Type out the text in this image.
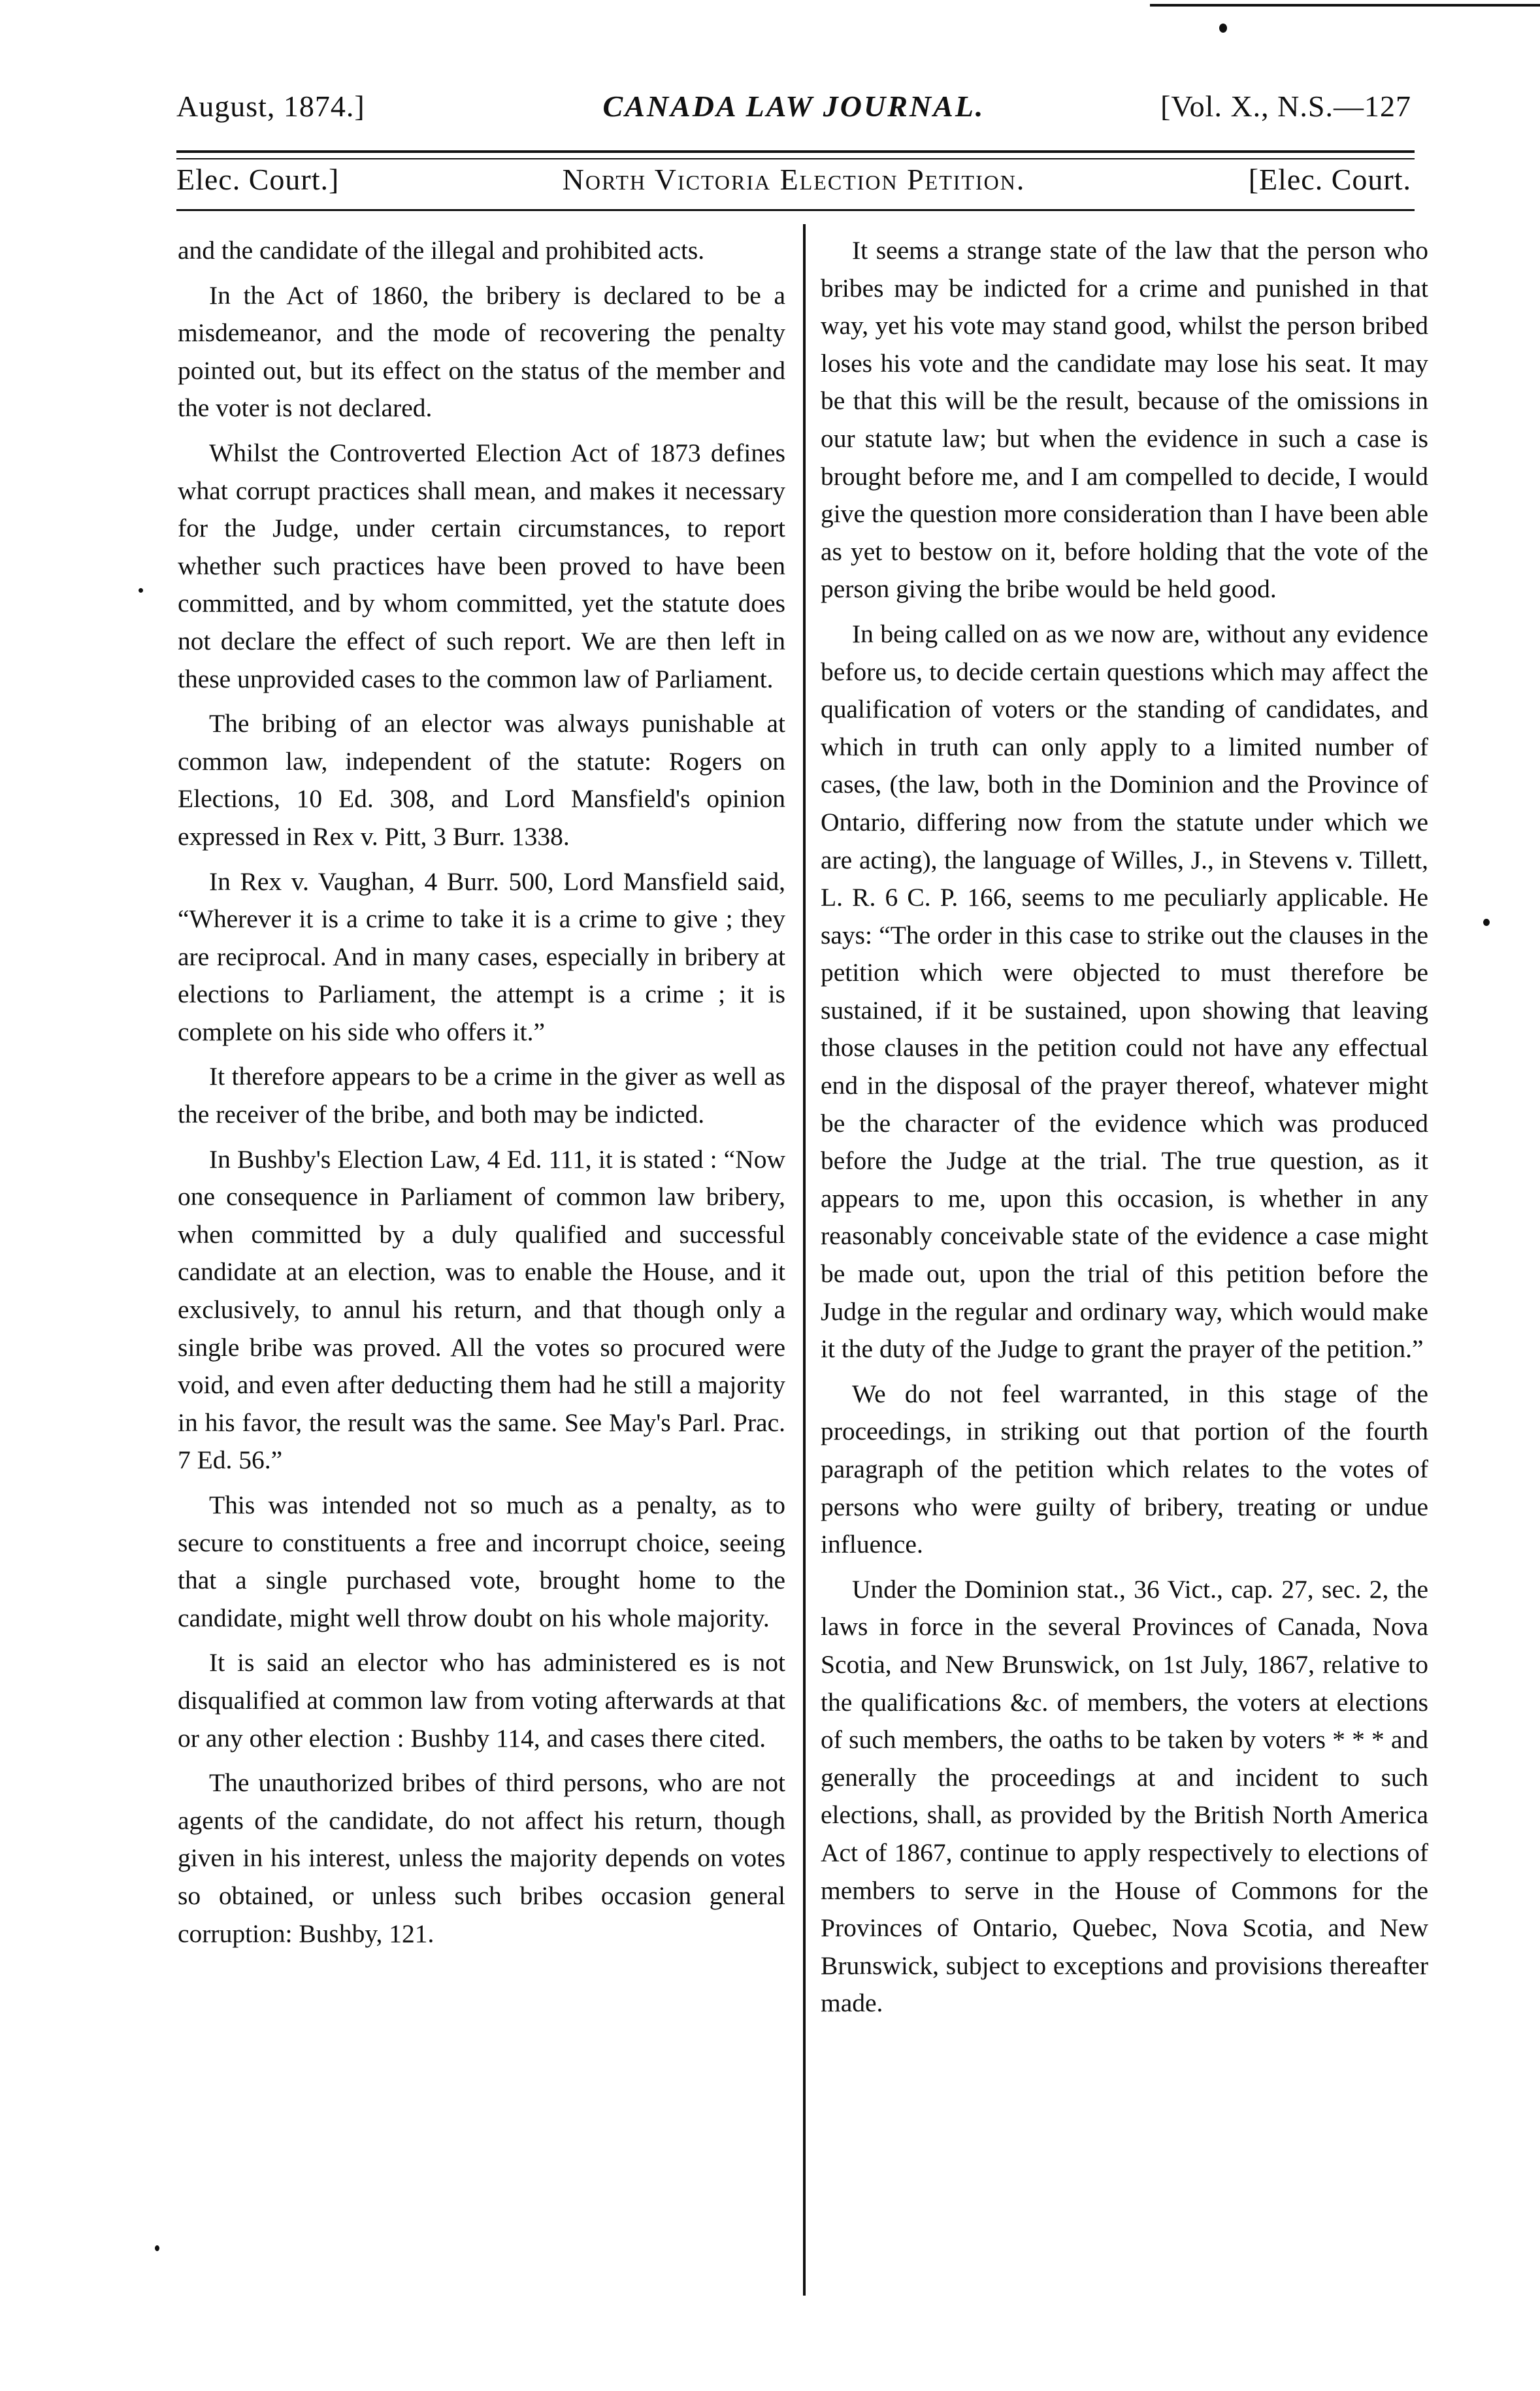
August, 1874.]	CANADA LAW JOURNAL.	[Vol. X., N.S.—127
Elec. Court.]	North Victoria Election Petition.	[Elec. Court.

and the candidate of the illegal and prohibited acts.

In the Act of 1860, the bribery is declared to be a misdemeanor, and the mode of recovering the penalty pointed out, but its effect on the status of the member and the voter is not declared.

Whilst the Controverted Election Act of 1873 defines what corrupt practices shall mean, and makes it necessary for the Judge, under certain circumstances, to report whether such practices have been proved to have been committed, and by whom committed, yet the statute does not declare the effect of such report. We are then left in these unprovided cases to the common law of Parliament.

The bribing of an elector was always punishable at common law, independent of the statute: Rogers on Elections, 10 Ed. 308, and Lord Mansfield's opinion expressed in Rex v. Pitt, 3 Burr. 1338.

In Rex v. Vaughan, 4 Burr. 500, Lord Mansfield said, “Wherever it is a crime to take it is a crime to give ; they are reciprocal. And in many cases, especially in bribery at elections to Parliament, the attempt is a crime ; it is complete on his side who offers it.”

It therefore appears to be a crime in the giver as well as the receiver of the bribe, and both may be indicted.

In Bushby's Election Law, 4 Ed. 111, it is stated : “Now one consequence in Parliament of common law bribery, when committed by a duly qualified and successful candidate at an election, was to enable the House, and it exclusively, to annul his return, and that though only a single bribe was proved. All the votes so procured were void, and even after deducting them had he still a majority in his favor, the result was the same. See May's Parl. Prac. 7 Ed. 56.”

This was intended not so much as a penalty, as to secure to constituents a free and incorrupt choice, seeing that a single purchased vote, brought home to the candidate, might well throw doubt on his whole majority.

It is said an elector who has administered es is not disqualified at common law from voting afterwards at that or any other election : Bushby 114, and cases there cited.

The unauthorized bribes of third persons, who are not agents of the candidate, do not affect his return, though given in his interest, unless the majority depends on votes so obtained, or unless such bribes occasion general corruption: Bushby, 121.

It seems a strange state of the law that the person who bribes may be indicted for a crime and punished in that way, yet his vote may stand good, whilst the person bribed loses his vote and the candidate may lose his seat. It may be that this will be the result, because of the omissions in our statute law; but when the evidence in such a case is brought before me, and I am compelled to decide, I would give the question more consideration than I have been able as yet to bestow on it, before holding that the vote of the person giving the bribe would be held good.

In being called on as we now are, without any evidence before us, to decide certain questions which may affect the qualification of voters or the standing of candidates, and which in truth can only apply to a limited number of cases, (the law, both in the Dominion and the Province of Ontario, differing now from the statute under which we are acting), the language of Willes, J., in Stevens v. Tillett, L. R. 6 C. P. 166, seems to me peculiarly applicable. He says: “The order in this case to strike out the clauses in the petition which were objected to must therefore be sustained, if it be sustained, upon showing that leaving those clauses in the petition could not have any effectual end in the disposal of the prayer thereof, whatever might be the character of the evidence which was produced before the Judge at the trial. The true question, as it appears to me, upon this occasion, is whether in any reasonably conceivable state of the evidence a case might be made out, upon the trial of this petition before the Judge in the regular and ordinary way, which would make it the duty of the Judge to grant the prayer of the petition.”

We do not feel warranted, in this stage of the proceedings, in striking out that portion of the fourth paragraph of the petition which relates to the votes of persons who were guilty of bribery, treating or undue influence.

Under the Dominion stat., 36 Vict., cap. 27, sec. 2, the laws in force in the several Provinces of Canada, Nova Scotia, and New Brunswick, on 1st July, 1867, relative to the qualifications &c. of members, the voters at elections of such members, the oaths to be taken by voters * * * and generally the proceedings at and incident to such elections, shall, as provided by the British North America Act of 1867, continue to apply respectively to elections of members to serve in the House of Commons for the Provinces of Ontario, Quebec, Nova Scotia, and New Brunswick, subject to exceptions and provisions thereafter made.
